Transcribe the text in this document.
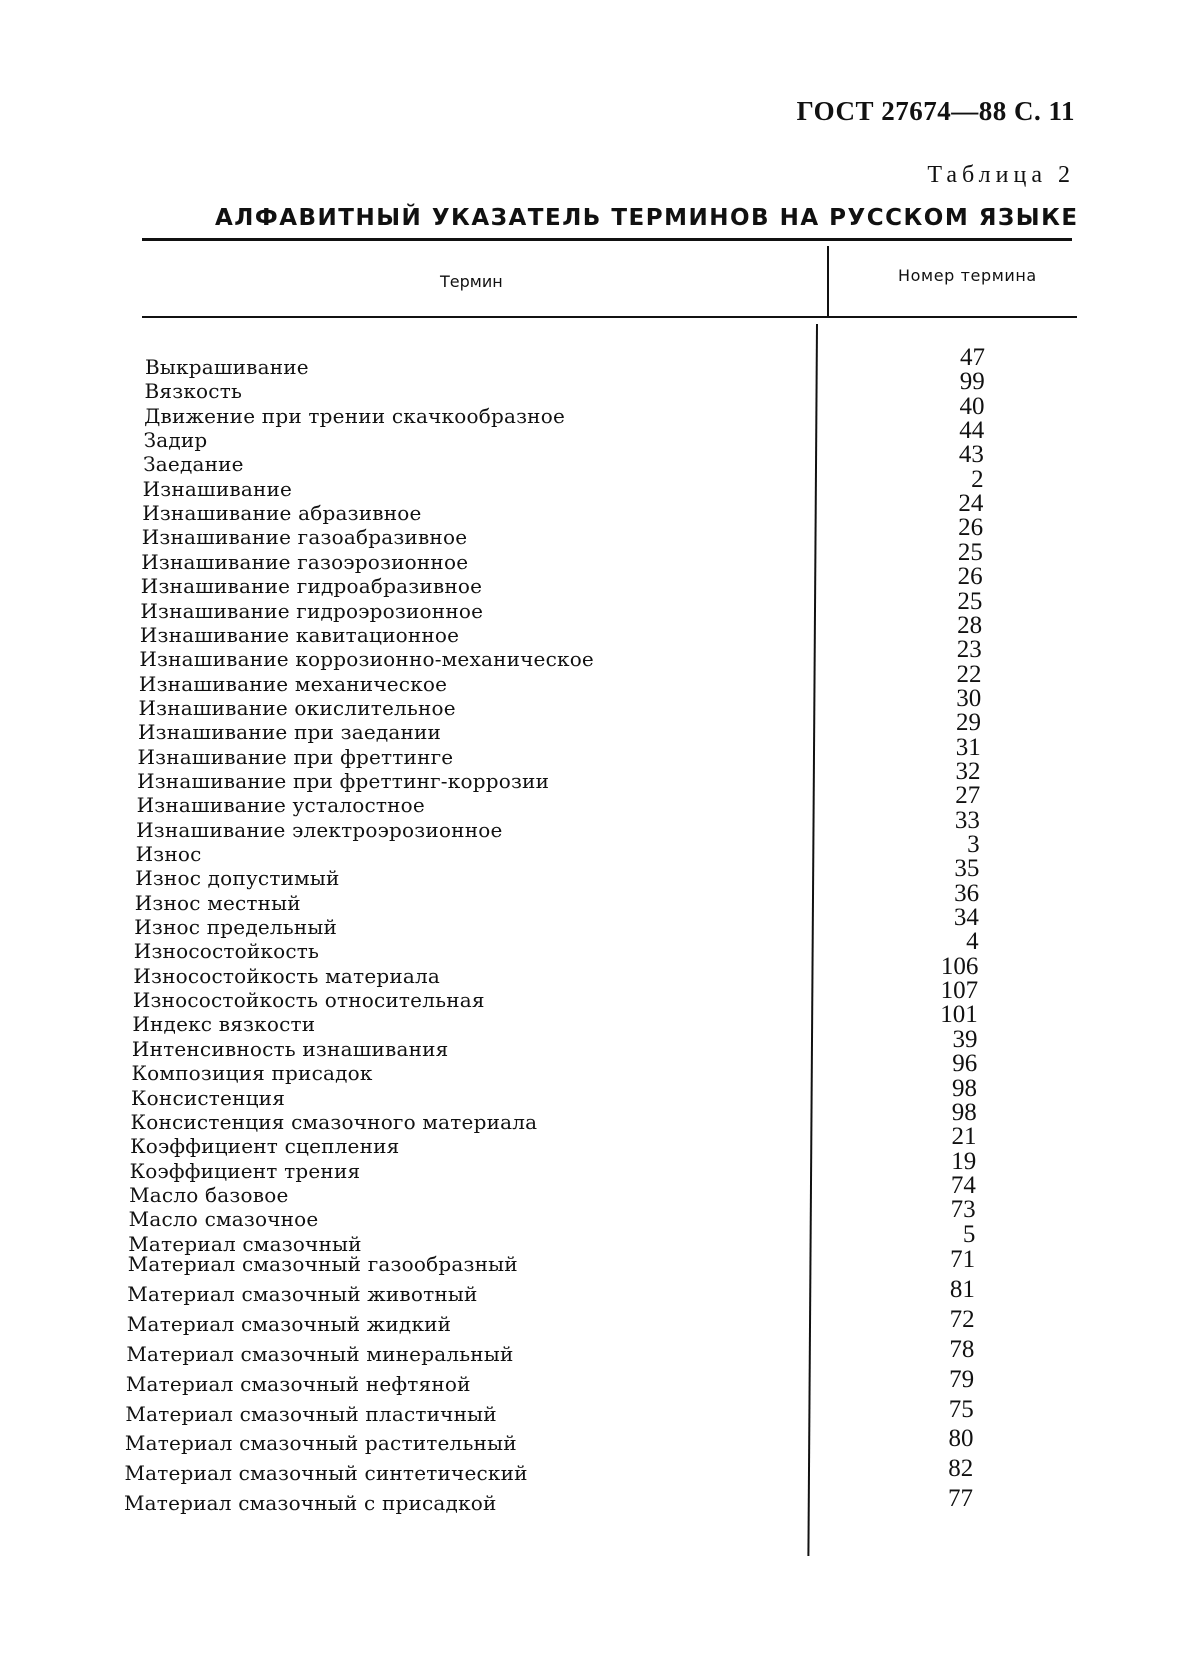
ГОСТ 27674—88 С. 11
Таблица 2
АЛФАВИТНЫЙ УКАЗАТЕЛЬ ТЕРМИНОВ НА РУССКОМ ЯЗЫКЕ
Термин	Номер термина
Выкрашивание	47
Вязкость	99
Движение при трении скачкообразное	40
Задир	44
Заедание	43
Изнашивание	2
Изнашивание абразивное	24
Изнашивание газоабразивное	26
Изнашивание газоэрозионное	25
Изнашивание гидроабразивное	26
Изнашивание гидроэрозионное	25
Изнашивание кавитационное	28
Изнашивание коррозионно-механическое	23
Изнашивание механическое	22
Изнашивание окислительное	30
Изнашивание при заедании	29
Изнашивание при фреттинге	31
Изнашивание при фреттинг-коррозии	32
Изнашивание усталостное	27
Изнашивание электроэрозионное	33
Износ	3
Износ допустимый	35
Износ местный	36
Износ предельный	34
Износостойкость	4
Износостойкость материала	106
Износостойкость относительная	107
Индекс вязкости	101
Интенсивность изнашивания	39
Композиция присадок	96
Консистенция	98
Консистенция смазочного материала	98
Коэффициент сцепления	21
Коэффициент трения	19
Масло базовое	74
Масло смазочное	73
Материал смазочный	5
Материал смазочный газообразный	71
Материал смазочный животный	81
Материал смазочный жидкий	72
Материал смазочный минеральный	78
Материал смазочный нефтяной	79
Материал смазочный пластичный	75
Материал смазочный растительный	80
Материал смазочный синтетический	82
Материал смазочный с присадкой	77
